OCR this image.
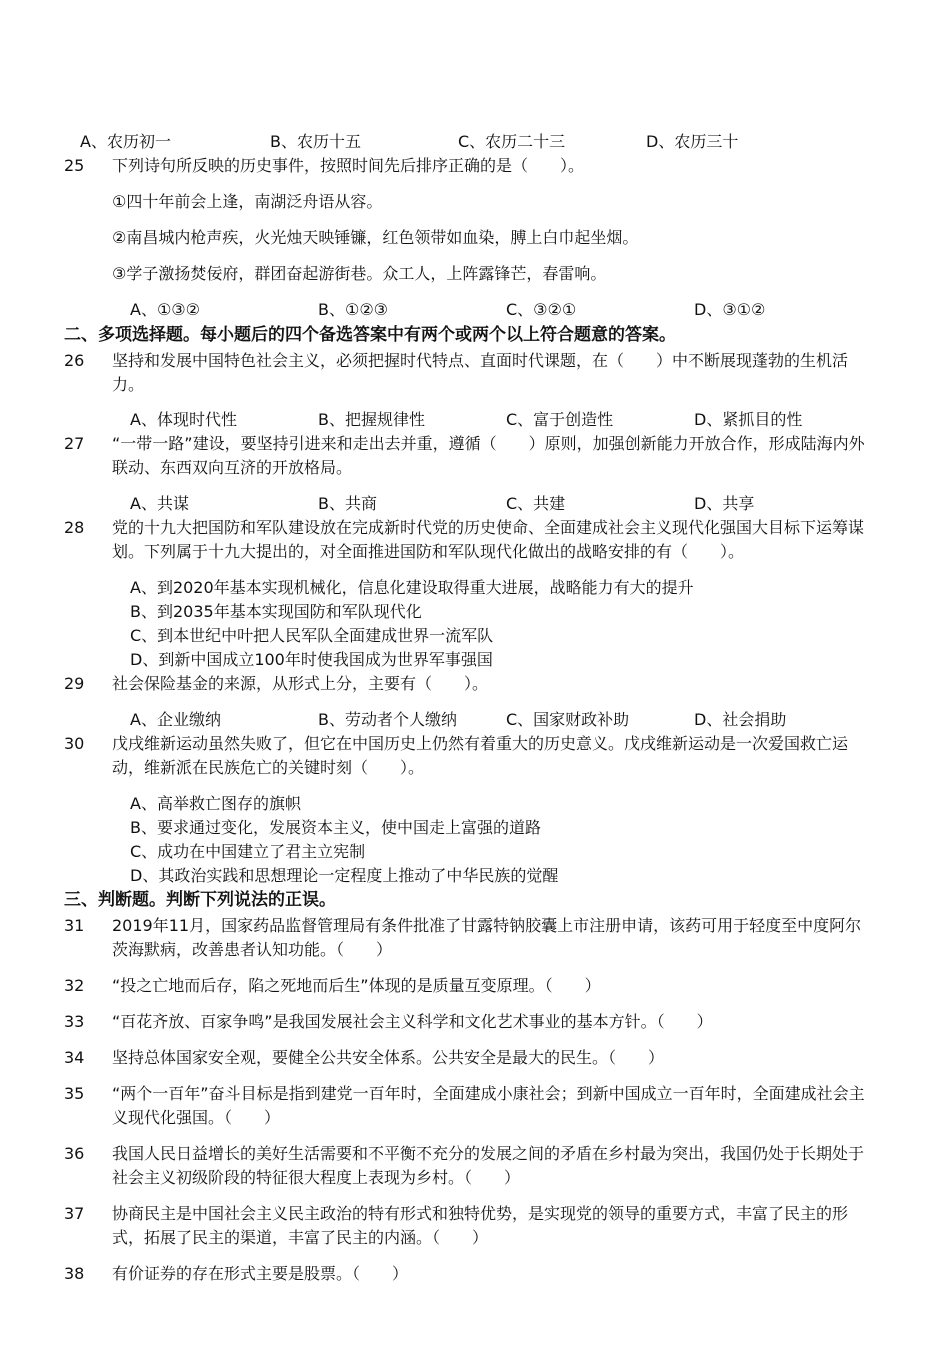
A、农历初一	B、农历十五	C、农历二十三	D、农历三十
25	下列诗句所反映的历史事件，按照时间先后排序正确的是（　　）。
①四十年前会上逢，南湖泛舟语从容。
②南昌城内枪声疾，火光烛天映锤镰，红色领带如血染，膊上白巾起坐烟。
③学子激扬焚佞府，群团奋起游街巷。众工人，上阵露锋芒，春雷响。
A、①③②	B、①②③	C、③②①	D、③①②
二、多项选择题。每小题后的四个备选答案中有两个或两个以上符合题意的答案。
26	坚持和发展中国特色社会主义，必须把握时代特点、直面时代课题，在（　　）中不断展现蓬勃的生机活力。
A、体现时代性	B、把握规律性	C、富于创造性	D、紧抓目的性
27	“一带一路”建设，要坚持引进来和走出去并重，遵循（　　）原则，加强创新能力开放合作，形成陆海内外联动、东西双向互济的开放格局。
A、共谋	B、共商	C、共建	D、共享
28	党的十九大把国防和军队建设放在完成新时代党的历史使命、全面建成社会主义现代化强国大目标下运筹谋划。下列属于十九大提出的，对全面推进国防和军队现代化做出的战略安排的有（　　）。
A、到2020年基本实现机械化，信息化建设取得重大进展，战略能力有大的提升
B、到2035年基本实现国防和军队现代化
C、到本世纪中叶把人民军队全面建成世界一流军队
D、到新中国成立100年时使我国成为世界军事强国
29	社会保险基金的来源，从形式上分，主要有（　　）。
A、企业缴纳	B、劳动者个人缴纳	C、国家财政补助	D、社会捐助
30	戊戌维新运动虽然失败了，但它在中国历史上仍然有着重大的历史意义。戊戌维新运动是一次爱国救亡运动，维新派在民族危亡的关键时刻（　　）。
A、高举救亡图存的旗帜
B、要求通过变化，发展资本主义，使中国走上富强的道路
C、成功在中国建立了君主立宪制
D、其政治实践和思想理论一定程度上推动了中华民族的觉醒
三、判断题。判断下列说法的正误。
31	2019年11月，国家药品监督管理局有条件批准了甘露特钠胶囊上市注册申请，该药可用于轻度至中度阿尔茨海默病，改善患者认知功能。（　　）
32	“投之亡地而后存，陷之死地而后生”体现的是质量互变原理。（　　）
33	“百花齐放、百家争鸣”是我国发展社会主义科学和文化艺术事业的基本方针。（　　）
34	坚持总体国家安全观，要健全公共安全体系。公共安全是最大的民生。（　　）
35	“两个一百年”奋斗目标是指到建党一百年时，全面建成小康社会；到新中国成立一百年时，全面建成社会主义现代化强国。（　　）
36	我国人民日益增长的美好生活需要和不平衡不充分的发展之间的矛盾在乡村最为突出，我国仍处于长期处于社会主义初级阶段的特征很大程度上表现为乡村。（　　）
37	协商民主是中国社会主义民主政治的特有形式和独特优势，是实现党的领导的重要方式，丰富了民主的形式，拓展了民主的渠道，丰富了民主的内涵。（　　）
38	有价证券的存在形式主要是股票。（　　）
